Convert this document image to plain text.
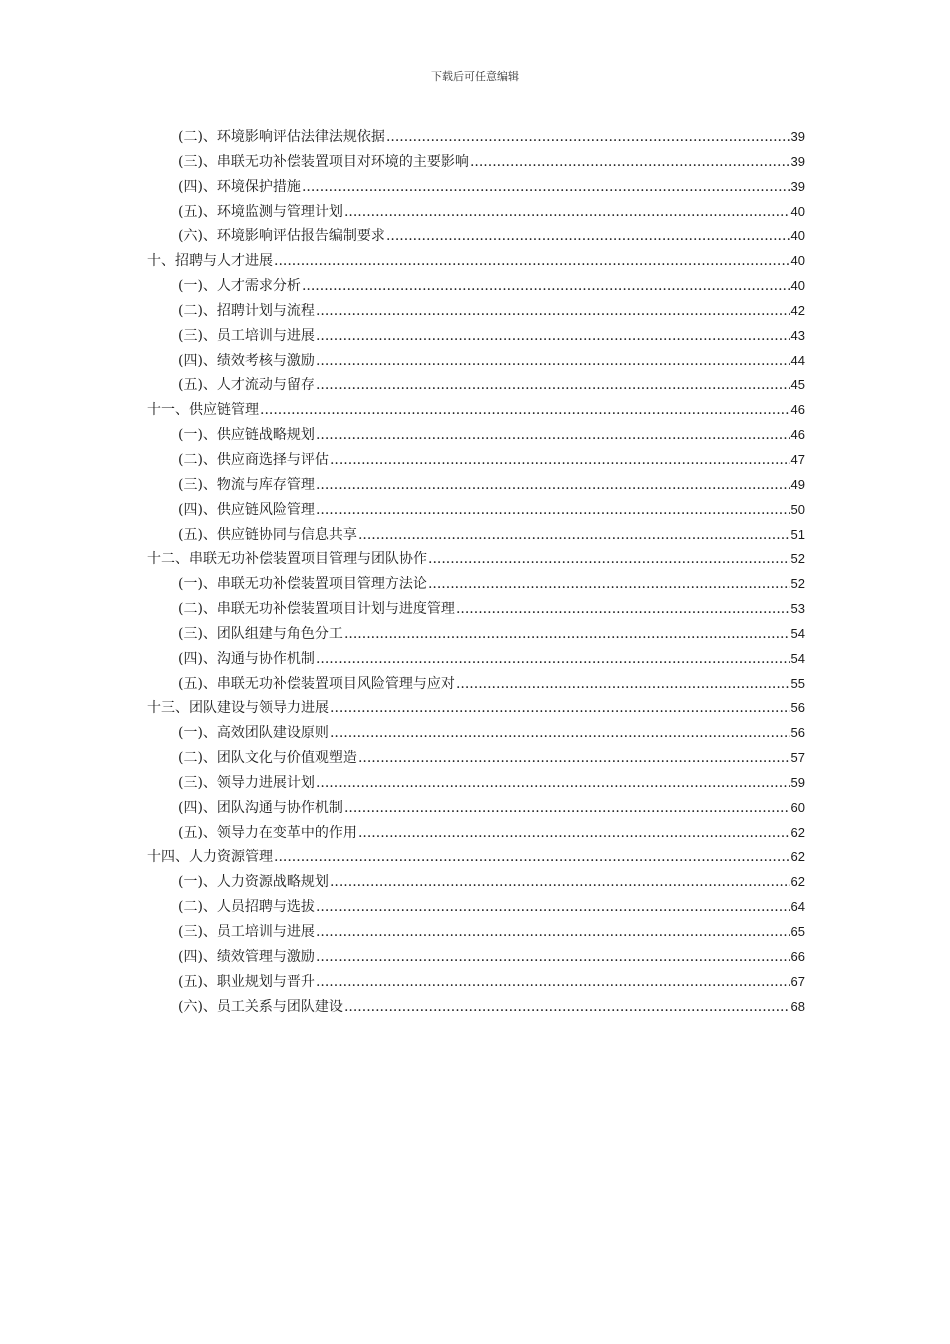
下载后可任意编辑
(二)、环境影响评估法律法规依据 .....	39
(三)、串联无功补偿装置项目对环境的主要影响 .....	39
(四)、环境保护措施 .....	39
(五)、环境监测与管理计划 .....	40
(六)、环境影响评估报告编制要求 .....	40
十、招聘与人才进展 .....	40
(一)、人才需求分析 .....	40
(二)、招聘计划与流程 .....	42
(三)、员工培训与进展 .....	43
(四)、绩效考核与激励 .....	44
(五)、人才流动与留存 .....	45
十一、供应链管理 .....	46
(一)、供应链战略规划 .....	46
(二)、供应商选择与评估 .....	47
(三)、物流与库存管理 .....	49
(四)、供应链风险管理 .....	50
(五)、供应链协同与信息共享 .....	51
十二、串联无功补偿装置项目管理与团队协作 .....	52
(一)、串联无功补偿装置项目管理方法论 .....	52
(二)、串联无功补偿装置项目计划与进度管理 .....	53
(三)、团队组建与角色分工 .....	54
(四)、沟通与协作机制 .....	54
(五)、串联无功补偿装置项目风险管理与应对 .....	55
十三、团队建设与领导力进展 .....	56
(一)、高效团队建设原则 .....	56
(二)、团队文化与价值观塑造 .....	57
(三)、领导力进展计划 .....	59
(四)、团队沟通与协作机制 .....	60
(五)、领导力在变革中的作用 .....	62
十四、人力资源管理 .....	62
(一)、人力资源战略规划 .....	62
(二)、人员招聘与选拔 .....	64
(三)、员工培训与进展 .....	65
(四)、绩效管理与激励 .....	66
(五)、职业规划与晋升 .....	67
(六)、员工关系与团队建设 .....	68
